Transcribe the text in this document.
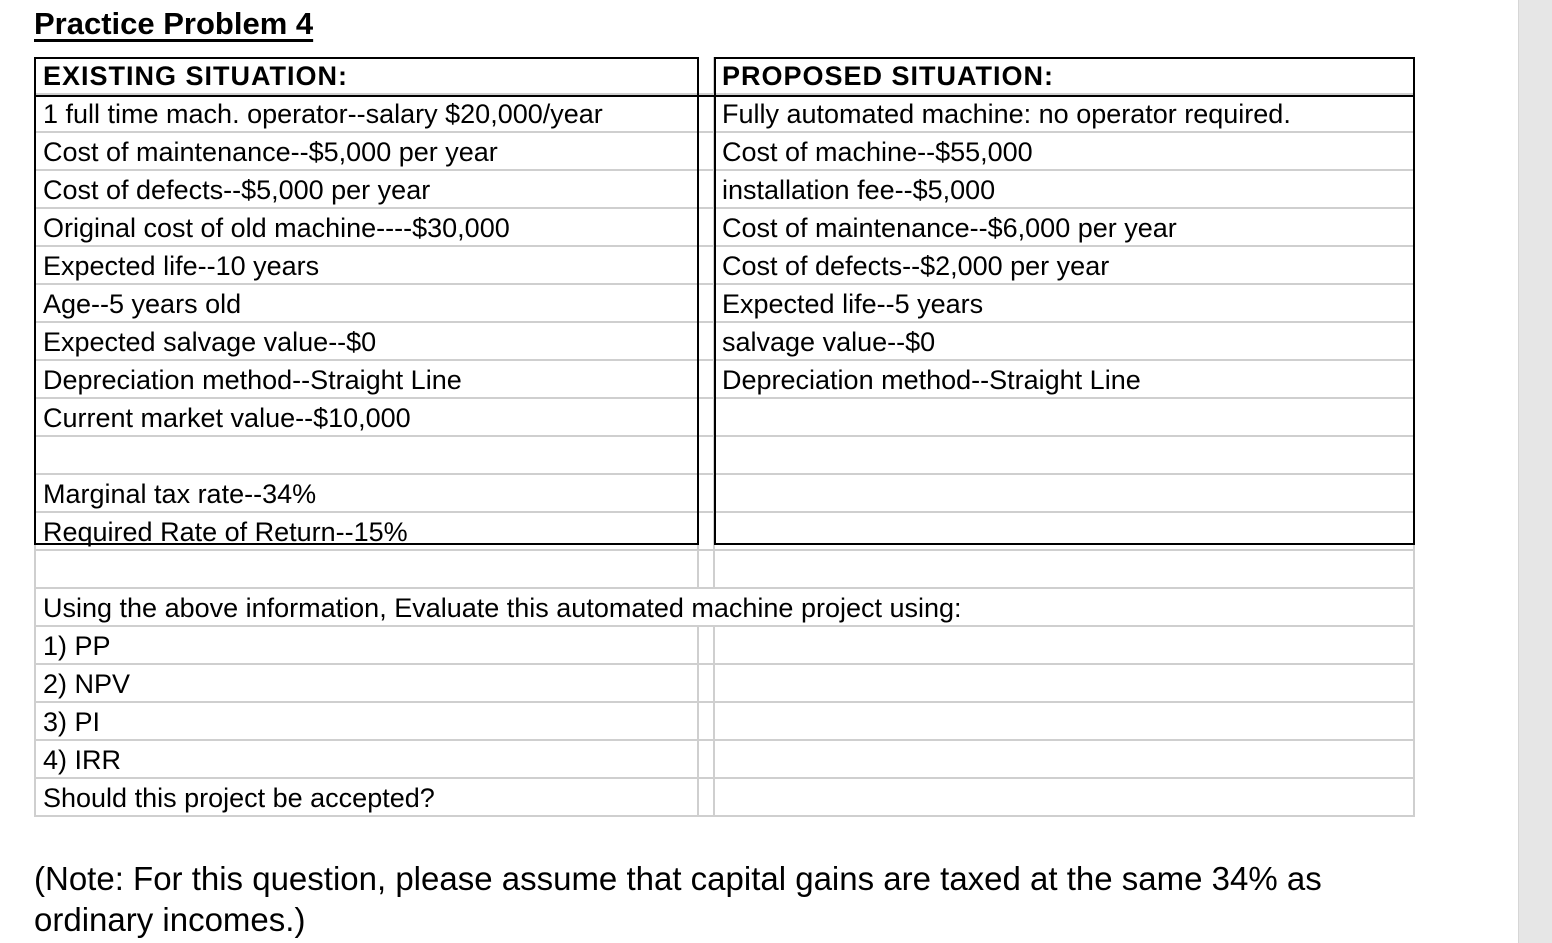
Practice Problem 4
EXISTING SITUATION:	PROPOSED SITUATION:
1 full time mach. operator--salary $20,000/year	Fully automated machine: no operator required.
Cost of maintenance--$5,000 per year	Cost of machine--$55,000
Cost of defects--$5,000 per year	installation fee--$5,000
Original cost of old machine----$30,000	Cost of maintenance--$6,000 per year
Expected life--10 years	Cost of defects--$2,000 per year
Age--5 years old	Expected life--5 years
Expected salvage value--$0	salvage value--$0
Depreciation method--Straight Line	Depreciation method--Straight Line
Current market value--$10,000
Marginal tax rate--34%
Required Rate of Return--15%
Using the above information, Evaluate this automated machine project using:
1) PP
2) NPV
3) PI
4) IRR
Should this project be accepted?
(Note: For this question, please assume that capital gains are taxed at the same 34% as ordinary incomes.)
